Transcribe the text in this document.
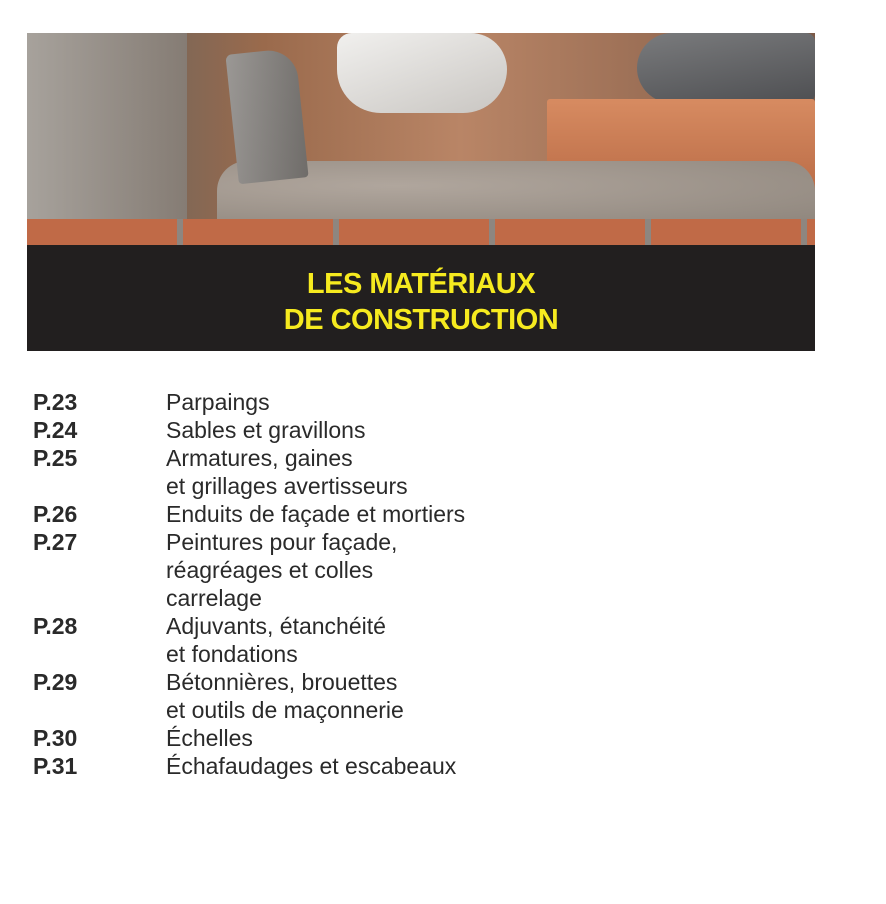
LES MATÉRIAUX
DE CONSTRUCTION
P.23	Parpaings
P.24	Sables et gravillons
P.25	Armatures, gaines
et grillages avertisseurs
P.26	Enduits de façade et mortiers
P.27	Peintures pour façade,
réagréages et colles
carrelage
P.28	Adjuvants, étanchéité
et fondations
P.29	Bétonnières, brouettes
et outils de maçonnerie
P.30	Échelles
P.31	Échafaudages et escabeaux
